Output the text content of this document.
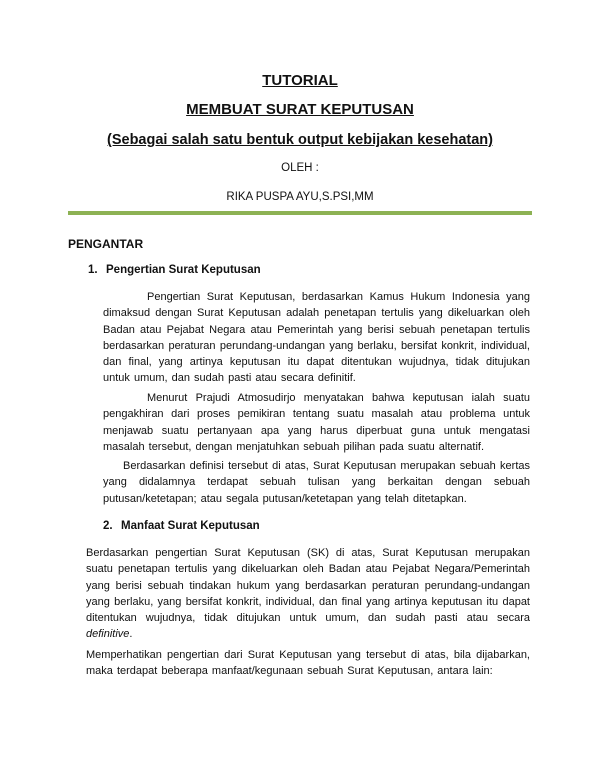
TUTORIAL
MEMBUAT SURAT KEPUTUSAN
(Sebagai salah satu bentuk output kebijakan kesehatan)

OLEH :

RIKA PUSPA AYU,S.PSI,MM

PENGANTAR
1. Pengertian Surat Keputusan

Pengertian Surat Keputusan, berdasarkan Kamus Hukum Indonesia yang dimaksud dengan Surat Keputusan adalah penetapan tertulis yang dikeluarkan oleh Badan atau Pejabat Negara atau Pemerintah yang berisi sebuah penetapan tertulis berdasarkan peraturan perundang-undangan yang berlaku, bersifat konkrit, individual, dan final, yang artinya keputusan itu dapat ditentukan wujudnya, tidak ditujukan untuk umum, dan sudah pasti atau secara definitif.

Menurut Prajudi Atmosudirjo menyatakan bahwa keputusan ialah suatu pengakhiran dari proses pemikiran tentang suatu masalah atau problema untuk menjawab suatu pertanyaan apa yang harus diperbuat guna untuk mengatasi masalah tersebut, dengan menjatuhkan sebuah pilihan pada suatu alternatif.

Berdasarkan definisi tersebut di atas, Surat Keputusan merupakan sebuah kertas yang didalamnya terdapat sebuah tulisan yang berkaitan dengan sebuah putusan/ketetapan; atau segala putusan/ketetapan yang telah ditetapkan.

2. Manfaat Surat Keputusan

Berdasarkan pengertian Surat Keputusan (SK) di atas, Surat Keputusan merupakan suatu penetapan tertulis yang dikeluarkan oleh Badan atau Pejabat Negara/Pemerintah yang berisi sebuah tindakan hukum yang berdasarkan peraturan perundang-undangan yang berlaku, yang bersifat konkrit, individual, dan final yang artinya keputusan itu dapat ditentukan wujudnya, tidak ditujukan untuk umum, dan sudah pasti atau secara definitive.

Memperhatikan pengertian dari Surat Keputusan yang tersebut di atas, bila dijabarkan, maka terdapat beberapa manfaat/kegunaan sebuah Surat Keputusan, antara lain:
